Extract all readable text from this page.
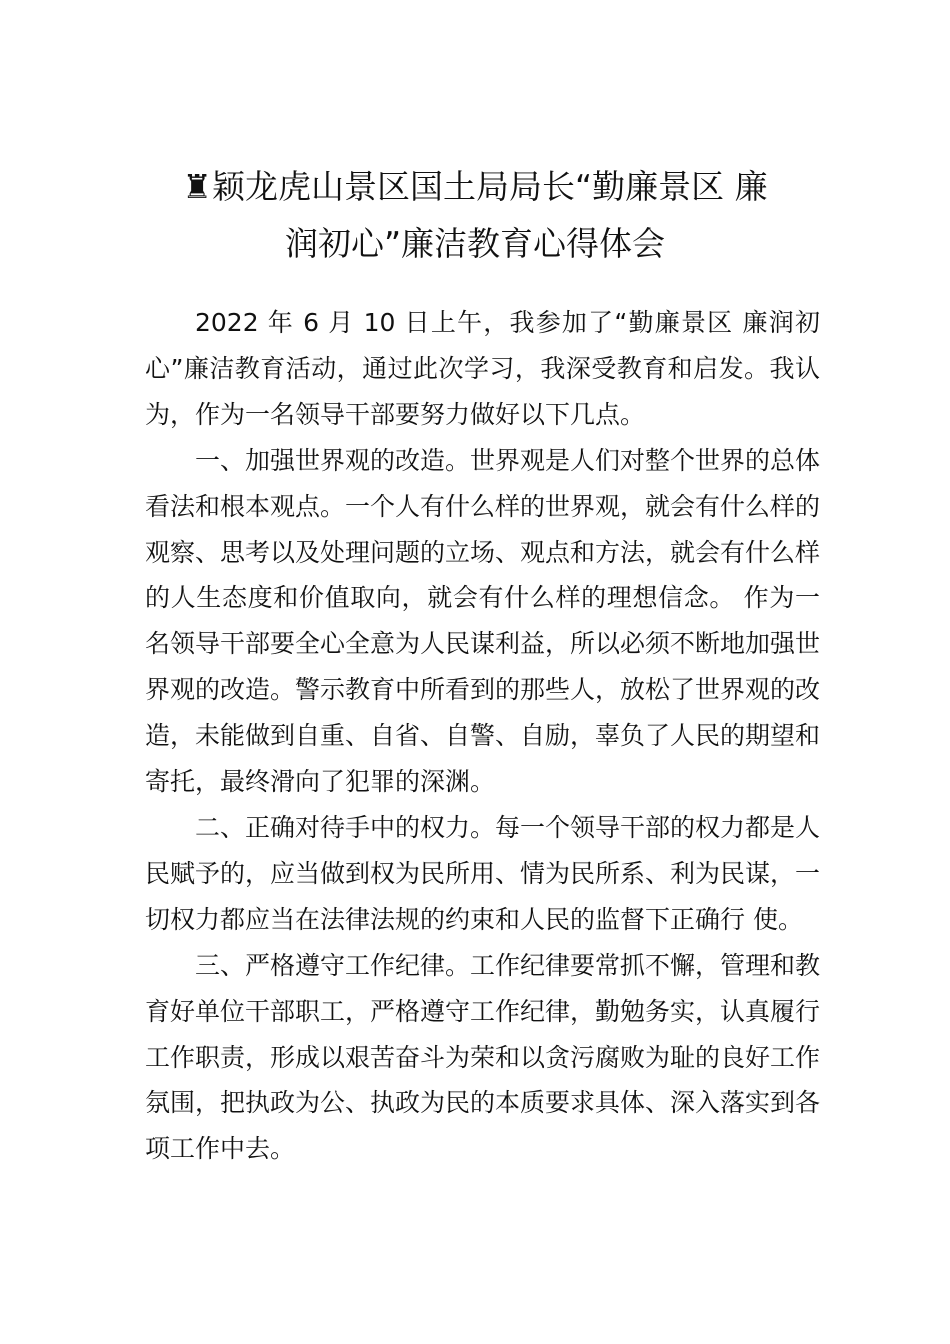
♜颖龙虎山景区国土局局长“勤廉景区 廉
润初心”廉洁教育心得体会

2022 年 6 月 10 日上午，我参加了“勤廉景区 廉润初心”廉洁教育活动，通过此次学习，我深受教育和启发。我认为，作为一名领导干部要努力做好以下几点。

一、加强世界观的改造。世界观是人们对整个世界的总体看法和根本观点。一个人有什么样的世界观，就会有什么样的观察、思考以及处理问题的立场、观点和方法，就会有什么样的人生态度和价值取向，就会有什么样的理想信念。 作为一名领导干部要全心全意为人民谋利益，所以必须不断地加强世界观的改造。警示教育中所看到的那些人，放松了世界观的改造，未能做到自重、自省、自警、自励，辜负了人民的期望和寄托，最终滑向了犯罪的深渊。

二、正确对待手中的权力。每一个领导干部的权力都是人民赋予的，应当做到权为民所用、情为民所系、利为民谋，一切权力都应当在法律法规的约束和人民的监督下正确行 使。

三、严格遵守工作纪律。工作纪律要常抓不懈，管理和教育好单位干部职工，严格遵守工作纪律，勤勉务实，认真履行工作职责，形成以艰苦奋斗为荣和以贪污腐败为耻的良好工作氛围，把执政为公、执政为民的本质要求具体、深入落实到各项工作中去。
